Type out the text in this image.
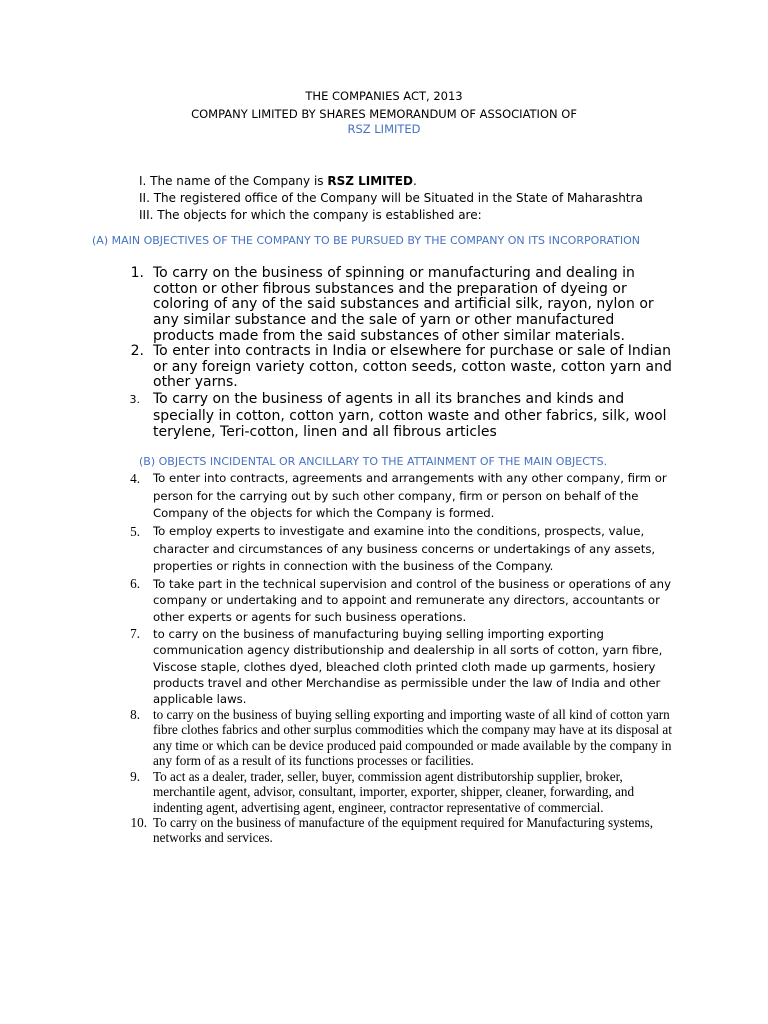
THE COMPANIES ACT, 2013
COMPANY LIMITED BY SHARES MEMORANDUM OF ASSOCIATION OF
RSZ LIMITED
I. The name of the Company is RSZ LIMITED.
II. The registered office of the Company will be Situated in the State of Maharashtra
III. The objects for which the company is established are:
(A) MAIN OBJECTIVES OF THE COMPANY TO BE PURSUED BY THE COMPANY ON ITS INCORPORATION
1. To carry on the business of spinning or manufacturing and dealing in cotton or other fibrous substances and the preparation of dyeing or coloring of any of the said substances and artificial silk, rayon, nylon or any similar substance and the sale of yarn or other manufactured products made from the said substances of other similar materials.
2. To enter into contracts in India or elsewhere for purchase or sale of Indian or any foreign variety cotton, cotton seeds, cotton waste, cotton yarn and other yarns.
3. To carry on the business of agents in all its branches and kinds and specially in cotton, cotton yarn, cotton waste and other fabrics, silk, wool terylene, Teri-cotton, linen and all fibrous articles
(B) OBJECTS INCIDENTAL OR ANCILLARY TO THE ATTAINMENT OF THE MAIN OBJECTS.
4. To enter into contracts, agreements and arrangements with any other company, firm or person for the carrying out by such other company, firm or person on behalf of the Company of the objects for which the Company is formed.
5. To employ experts to investigate and examine into the conditions, prospects, value, character and circumstances of any business concerns or undertakings of any assets, properties or rights in connection with the business of the Company.
6. To take part in the technical supervision and control of the business or operations of any company or undertaking and to appoint and remunerate any directors, accountants or other experts or agents for such business operations.
7. to carry on the business of manufacturing buying selling importing exporting communication agency distributionship and dealership in all sorts of cotton, yarn fibre, Viscose staple, clothes dyed, bleached cloth printed cloth made up garments, hosiery products travel and other Merchandise as permissible under the law of India and other applicable laws.
8. to carry on the business of buying selling exporting and importing waste of all kind of cotton yarn fibre clothes fabrics and other surplus commodities which the company may have at its disposal at any time or which can be device produced paid compounded or made available by the company in any form of as a result of its functions processes or facilities.
9. To act as a dealer, trader, seller, buyer, commission agent distributorship supplier, broker, merchantile agent, advisor, consultant, importer, exporter, shipper, cleaner, forwarding, and indenting agent, advertising agent, engineer, contractor representative of commercial.
10. To carry on the business of manufacture of the equipment required for Manufacturing systems, networks and services.
